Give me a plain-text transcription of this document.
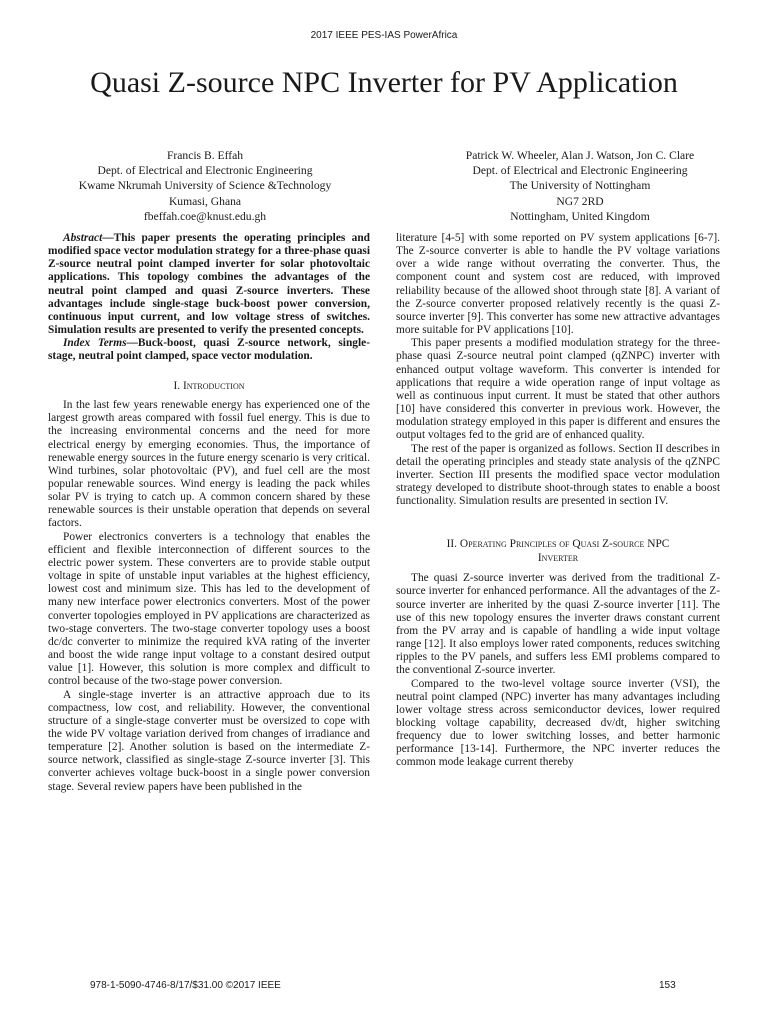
2017 IEEE PES-IAS PowerAfrica
Quasi Z-source NPC Inverter for PV Application
Francis B. Effah
Dept. of Electrical and Electronic Engineering
Kwame Nkrumah University of Science &Technology
Kumasi, Ghana
fbeffah.coe@knust.edu.gh
Patrick W. Wheeler, Alan J. Watson, Jon C. Clare
Dept. of Electrical and Electronic Engineering
The University of Nottingham
NG7 2RD
Nottingham, United Kingdom

Abstract—This paper presents the operating principles and modified space vector modulation strategy for a three-phase quasi Z-source neutral point clamped inverter for solar photovoltaic applications. This topology combines the advantages of the neutral point clamped and quasi Z-source inverters. These advantages include single-stage buck-boost power conversion, continuous input current, and low voltage stress of switches. Simulation results are presented to verify the presented concepts.

Index Terms—Buck-boost, quasi Z-source network, single-stage, neutral point clamped, space vector modulation.

I. Introduction

In the last few years renewable energy has experienced one of the largest growth areas compared with fossil fuel energy. This is due to the increasing environmental concerns and the need for more electrical energy by emerging economies. Thus, the importance of renewable energy sources in the future energy scenario is very critical. Wind turbines, solar photovoltaic (PV), and fuel cell are the most popular renewable sources. Wind energy is leading the pack whiles solar PV is trying to catch up. A common concern shared by these renewable sources is their unstable operation that depends on several factors.

Power electronics converters is a technology that enables the efficient and flexible interconnection of different sources to the electric power system. These converters are to provide stable output voltage in spite of unstable input variables at the highest efficiency, lowest cost and minimum size. This has led to the development of many new interface power electronics converters. Most of the power converter topologies employed in PV applications are characterized as two-stage converters. The two-stage converter topology uses a boost dc/dc converter to minimize the required kVA rating of the inverter and boost the wide range input voltage to a constant desired output value [1]. However, this solution is more complex and difficult to control because of the two-stage power conversion.

A single-stage inverter is an attractive approach due to its compactness, low cost, and reliability. However, the conventional structure of a single-stage converter must be oversized to cope with the wide PV voltage variation derived from changes of irradiance and temperature [2]. Another solution is based on the intermediate Z-source network, classified as single-stage Z-source inverter [3]. This converter achieves voltage buck-boost in a single power conversion stage. Several review papers have been published in the

literature [4-5] with some reported on PV system applications [6-7]. The Z-source converter is able to handle the PV voltage variations over a wide range without overrating the converter. Thus, the component count and system cost are reduced, with improved reliability because of the allowed shoot through state [8]. A variant of the Z-source converter proposed relatively recently is the quasi Z-source inverter [9]. This converter has some new attractive advantages more suitable for PV applications [10].

This paper presents a modified modulation strategy for the three-phase quasi Z-source neutral point clamped (qZNPC) inverter with enhanced output voltage waveform. This converter is intended for applications that require a wide operation range of input voltage as well as continuous input current. It must be stated that other authors [10] have considered this converter in previous work. However, the modulation strategy employed in this paper is different and ensures the output voltages fed to the grid are of enhanced quality.

The rest of the paper is organized as follows. Section II describes in detail the operating principles and steady state analysis of the qZNPC inverter. Section III presents the modified space vector modulation strategy developed to distribute shoot-through states to enable a boost functionality. Simulation results are presented in section IV.

II. Operating Principles of Quasi Z-source NPC
Inverter

The quasi Z-source inverter was derived from the traditional Z-source inverter for enhanced performance. All the advantages of the Z-source inverter are inherited by the quasi Z-source inverter [11]. The use of this new topology ensures the inverter draws constant current from the PV array and is capable of handling a wide input voltage range [12]. It also employs lower rated components, reduces switching ripples to the PV panels, and suffers less EMI problems compared to the conventional Z-source inverter.

Compared to the two-level voltage source inverter (VSI), the neutral point clamped (NPC) inverter has many advantages including lower voltage stress across semiconductor devices, lower required blocking voltage capability, decreased dv/dt, higher switching frequency due to lower switching losses, and better harmonic performance [13-14]. Furthermore, the NPC inverter reduces the common mode leakage current thereby

978-1-5090-4746-8/17/$31.00 ©2017 IEEE	153
